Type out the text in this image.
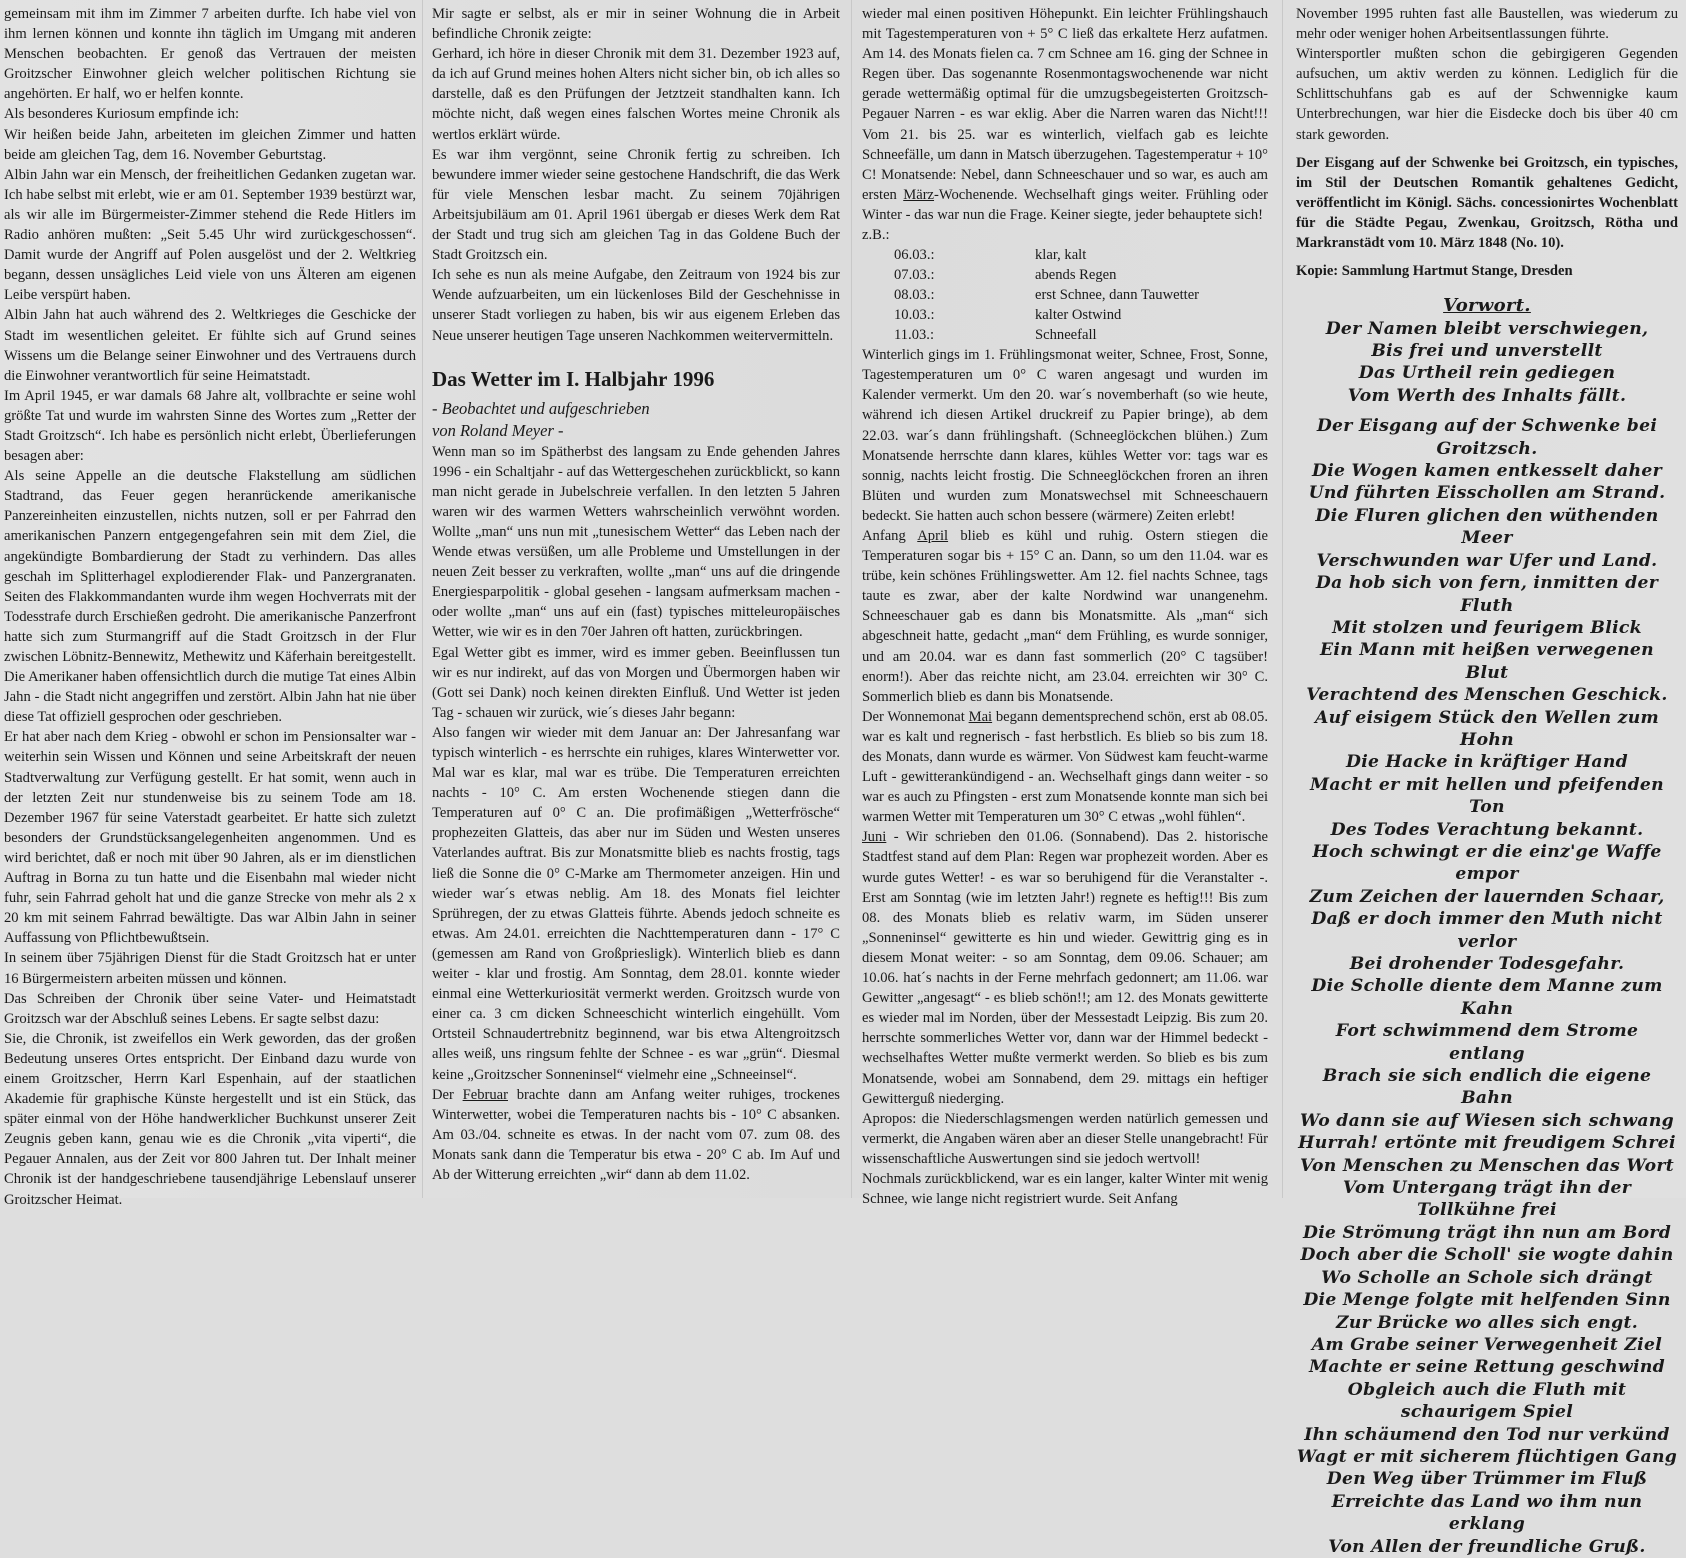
gemeinsam mit ihm im Zimmer 7 arbeiten durfte. Ich habe viel von ihm lernen können und konnte ihn täglich im Umgang mit anderen Menschen beobachten. Er genoß das Vertrauen der meisten Groitzscher Einwohner gleich welcher politischen Richtung sie angehörten. Er half, wo er helfen konnte.

Als besonderes Kuriosum empfinde ich:

Wir heißen beide Jahn, arbeiteten im gleichen Zimmer und hatten beide am gleichen Tag, dem 16. November Geburtstag.

Albin Jahn war ein Mensch, der freiheitlichen Gedanken zugetan war. Ich habe selbst mit erlebt, wie er am 01. September 1939 bestürzt war, als wir alle im Bürgermeister-Zimmer stehend die Rede Hitlers im Radio anhören mußten: „Seit 5.45 Uhr wird zurückgeschossen“. Damit wurde der Angriff auf Polen ausgelöst und der 2. Weltkrieg begann, dessen unsägliches Leid viele von uns Älteren am eigenen Leibe verspürt haben.

Albin Jahn hat auch während des 2. Weltkrieges die Geschicke der Stadt im wesentlichen geleitet. Er fühlte sich auf Grund seines Wissens um die Belange seiner Einwohner und des Vertrauens durch die Einwohner verantwortlich für seine Heimatstadt.

Im April 1945, er war damals 68 Jahre alt, vollbrachte er seine wohl größte Tat und wurde im wahrsten Sinne des Wortes zum „Retter der Stadt Groitzsch“. Ich habe es persönlich nicht erlebt, Überlieferungen besagen aber:

Als seine Appelle an die deutsche Flakstellung am südlichen Stadtrand, das Feuer gegen heranrückende amerikanische Panzereinheiten einzustellen, nichts nutzen, soll er per Fahrrad den amerikanischen Panzern entgegengefahren sein mit dem Ziel, die angekündigte Bombardierung der Stadt zu verhindern. Das alles geschah im Splitterhagel explodierender Flak- und Panzergranaten. Seiten des Flakkommandanten wurde ihm wegen Hochverrats mit der Todesstrafe durch Erschießen gedroht. Die amerikanische Panzerfront hatte sich zum Sturmangriff auf die Stadt Groitzsch in der Flur zwischen Löbnitz-Bennewitz, Methewitz und Käferhain bereitgestellt. Die Amerikaner haben offensichtlich durch die mutige Tat eines Albin Jahn - die Stadt nicht angegriffen und zerstört. Albin Jahn hat nie über diese Tat offiziell gesprochen oder geschrieben.

Er hat aber nach dem Krieg - obwohl er schon im Pensionsalter war - weiterhin sein Wissen und Können und seine Arbeitskraft der neuen Stadtverwaltung zur Verfügung gestellt. Er hat somit, wenn auch in der letzten Zeit nur stundenweise bis zu seinem Tode am 18. Dezember 1967 für seine Vaterstadt gearbeitet. Er hatte sich zuletzt besonders der Grundstücksangelegenheiten angenommen. Und es wird berichtet, daß er noch mit über 90 Jahren, als er im dienstlichen Auftrag in Borna zu tun hatte und die Eisenbahn mal wieder nicht fuhr, sein Fahrrad geholt hat und die ganze Strecke von mehr als 2 x 20 km mit seinem Fahrrad bewältigte. Das war Albin Jahn in seiner Auffassung von Pflichtbewußtsein.

In seinem über 75jährigen Dienst für die Stadt Groitzsch hat er unter 16 Bürgermeistern arbeiten müssen und können.

Das Schreiben der Chronik über seine Vater- und Heimatstadt Groitzsch war der Abschluß seines Lebens. Er sagte selbst dazu:

Sie, die Chronik, ist zweifellos ein Werk geworden, das der großen Bedeutung unseres Ortes entspricht. Der Einband dazu wurde von einem Groitzscher, Herrn Karl Espenhain, auf der staatlichen Akademie für graphische Künste hergestellt und ist ein Stück, das später einmal von der Höhe handwerklicher Buchkunst unserer Zeit Zeugnis geben kann, genau wie es die Chronik „vita viperti“, die Pegauer Annalen, aus der Zeit vor 800 Jahren tut. Der Inhalt meiner Chronik ist der handgeschriebene tausendjährige Lebenslauf unserer Groitzscher Heimat.

Mir sagte er selbst, als er mir in seiner Wohnung die in Arbeit befindliche Chronik zeigte:

Gerhard, ich höre in dieser Chronik mit dem 31. Dezember 1923 auf, da ich auf Grund meines hohen Alters nicht sicher bin, ob ich alles so darstelle, daß es den Prüfungen der Jetztzeit standhalten kann. Ich möchte nicht, daß wegen eines falschen Wortes meine Chronik als wertlos erklärt würde.

Es war ihm vergönnt, seine Chronik fertig zu schreiben. Ich bewundere immer wieder seine gestochene Handschrift, die das Werk für viele Menschen lesbar macht. Zu seinem 70jährigen Arbeitsjubiläum am 01. April 1961 übergab er dieses Werk dem Rat der Stadt und trug sich am gleichen Tag in das Goldene Buch der Stadt Groitzsch ein.

Ich sehe es nun als meine Aufgabe, den Zeitraum von 1924 bis zur Wende aufzuarbeiten, um ein lückenloses Bild der Geschehnisse in unserer Stadt vorliegen zu haben, bis wir aus eigenem Erleben das Neue unserer heutigen Tage unseren Nachkommen weitervermitteln.

Das Wetter im I. Halbjahr 1996

- Beobachtet und aufgeschrieben
von Roland Meyer -

Wenn man so im Spätherbst des langsam zu Ende gehenden Jahres 1996 - ein Schaltjahr - auf das Wettergeschehen zurückblickt, so kann man nicht gerade in Jubelschreie verfallen. In den letzten 5 Jahren waren wir des warmen Wetters wahrscheinlich verwöhnt worden. Wollte „man“ uns nun mit „tunesischem Wetter“ das Leben nach der Wende etwas versüßen, um alle Probleme und Umstellungen in der neuen Zeit besser zu verkraften, wollte „man“ uns auf die dringende Energiesparpolitik - global gesehen - langsam aufmerksam machen - oder wollte „man“ uns auf ein (fast) typisches mitteleuropäisches Wetter, wie wir es in den 70er Jahren oft hatten, zurückbringen.

Egal Wetter gibt es immer, wird es immer geben. Beeinflussen tun wir es nur indirekt, auf das von Morgen und Übermorgen haben wir (Gott sei Dank) noch keinen direkten Einfluß. Und Wetter ist jeden Tag - schauen wir zurück, wie´s dieses Jahr begann:

Also fangen wir wieder mit dem Januar an: Der Jahresanfang war typisch winterlich - es herrschte ein ruhiges, klares Winterwetter vor. Mal war es klar, mal war es trübe. Die Temperaturen erreichten nachts - 10° C. Am ersten Wochenende stiegen dann die Temperaturen auf 0° C an. Die profimäßigen „Wetterfrösche“ prophezeiten Glatteis, das aber nur im Süden und Westen unseres Vaterlandes auftrat. Bis zur Monatsmitte blieb es nachts frostig, tags ließ die Sonne die 0° C-Marke am Thermometer anzeigen. Hin und wieder war´s etwas neblig. Am 18. des Monats fiel leichter Sprühregen, der zu etwas Glatteis führte. Abends jedoch schneite es etwas. Am 24.01. erreichten die Nachttemperaturen dann - 17° C (gemessen am Rand von Großpriesligk). Winterlich blieb es dann weiter - klar und frostig. Am Sonntag, dem 28.01. konnte wieder einmal eine Wetterkuriosität vermerkt werden. Groitzsch wurde von einer ca. 3 cm dicken Schneeschicht winterlich eingehüllt. Vom Ortsteil Schnaudertrebnitz beginnend, war bis etwa Altengroitzsch alles weiß, uns ringsum fehlte der Schnee - es war „grün“. Diesmal keine „Groitzscher Sonneninsel“ vielmehr eine „Schneeinsel“.

Der Februar brachte dann am Anfang weiter ruhiges, trockenes Winterwetter, wobei die Temperaturen nachts bis - 10° C absanken. Am 03./04. schneite es etwas. In der nacht vom 07. zum 08. des Monats sank dann die Temperatur bis etwa - 20° C ab. Im Auf und Ab der Witterung erreichten „wir“ dann ab dem 11.02.

wieder mal einen positiven Höhepunkt. Ein leichter Frühlingshauch mit Tagestemperaturen von + 5° C ließ das erkaltete Herz aufatmen. Am 14. des Monats fielen ca. 7 cm Schnee am 16. ging der Schnee in Regen über. Das sogenannte Rosenmontagswochenende war nicht gerade wettermäßig optimal für die umzugsbegeisterten Groitzsch-Pegauer Narren - es war eklig. Aber die Narren waren das Nicht!!! Vom 21. bis 25. war es winterlich, vielfach gab es leichte Schneefälle, um dann in Matsch überzugehen. Tagestemperatur + 10° C! Monatsende: Nebel, dann Schneeschauer und so war, es auch am ersten März-Wochenende. Wechselhaft gings weiter. Frühling oder Winter - das war nun die Frage. Keiner siegte, jeder behauptete sich!

z.B.:

06.03.:	klar, kalt
07.03.:	abends Regen
08.03.:	erst Schnee, dann Tauwetter
10.03.:	kalter Ostwind
11.03.:	Schneefall

Winterlich gings im 1. Frühlingsmonat weiter, Schnee, Frost, Sonne, Tagestemperaturen um 0° C waren angesagt und wurden im Kalender vermerkt. Um den 20. war´s novemberhaft (so wie heute, während ich diesen Artikel druckreif zu Papier bringe), ab dem 22.03. war´s dann frühlingshaft. (Schneeglöckchen blühen.) Zum Monatsende herrschte dann klares, kühles Wetter vor: tags war es sonnig, nachts leicht frostig. Die Schneeglöckchen froren an ihren Blüten und wurden zum Monatswechsel mit Schneeschauern bedeckt. Sie hatten auch schon bessere (wärmere) Zeiten erlebt!

Anfang April blieb es kühl und ruhig. Ostern stiegen die Temperaturen sogar bis + 15° C an. Dann, so um den 11.04. war es trübe, kein schönes Frühlingswetter. Am 12. fiel nachts Schnee, tags taute es zwar, aber der kalte Nordwind war unangenehm. Schneeschauer gab es dann bis Monatsmitte. Als „man“ sich abgeschneit hatte, gedacht „man“ dem Frühling, es wurde sonniger, und am 20.04. war es dann fast sommerlich (20° C tagsüber! enorm!). Aber das reichte nicht, am 23.04. erreichten wir 30° C. Sommerlich blieb es dann bis Monatsende.

Der Wonnemonat Mai begann dementsprechend schön, erst ab 08.05. war es kalt und regnerisch - fast herbstlich. Es blieb so bis zum 18. des Monats, dann wurde es wärmer. Von Südwest kam feucht-warme Luft - gewitterankündigend - an. Wechselhaft gings dann weiter - so war es auch zu Pfingsten - erst zum Monatsende konnte man sich bei warmen Wetter mit Temperaturen um 30° C etwas „wohl fühlen“.

Juni - Wir schrieben den 01.06. (Sonnabend). Das 2. historische Stadtfest stand auf dem Plan: Regen war prophezeit worden. Aber es wurde gutes Wetter! - es war so beruhigend für die Veranstalter -. Erst am Sonntag (wie im letzten Jahr!) regnete es heftig!!! Bis zum 08. des Monats blieb es relativ warm, im Süden unserer „Sonneninsel“ gewitterte es hin und wieder. Gewittrig ging es in diesem Monat weiter: - so am Sonntag, dem 09.06. Schauer; am 10.06. hat´s nachts in der Ferne mehrfach gedonnert; am 11.06. war Gewitter „angesagt“ - es blieb schön!!; am 12. des Monats gewitterte es wieder mal im Norden, über der Messestadt Leipzig. Bis zum 20. herrschte sommerliches Wetter vor, dann war der Himmel bedeckt - wechselhaftes Wetter mußte vermerkt werden. So blieb es bis zum Monatsende, wobei am Sonnabend, dem 29. mittags ein heftiger Gewitterguß niederging.

Apropos: die Niederschlagsmengen werden natürlich gemessen und vermerkt, die Angaben wären aber an dieser Stelle unangebracht! Für wissenschaftliche Auswertungen sind sie jedoch wertvoll!

Nochmals zurückblickend, war es ein langer, kalter Winter mit wenig Schnee, wie lange nicht registriert wurde. Seit Anfang

November 1995 ruhten fast alle Baustellen, was wiederum zu mehr oder weniger hohen Arbeitsentlassungen führte.

Wintersportler mußten schon die gebirgigeren Gegenden aufsuchen, um aktiv werden zu können. Lediglich für die Schlittschuhfans gab es auf der Schwennigke kaum Unterbrechungen, war hier die Eisdecke doch bis über 40 cm stark geworden.

Der Eisgang auf der Schwenke bei Groitzsch, ein typisches, im Stil der Deutschen Romantik gehaltenes Gedicht, veröffentlicht im Königl. Sächs. concessionirtes Wochenblatt für die Städte Pegau, Zwenkau, Groitzsch, Rötha und Markranstädt vom 10. März 1848 (No. 10).

Kopie: Sammlung Hartmut Stange, Dresden

Vorwort.
Der Namen bleibt verschwiegen,
Bis frei und unverstellt
Das Urtheil rein gediegen
Vom Werth des Inhalts fällt.
Der Eisgang auf der Schwenke bei Groitzsch.
Die Wogen kamen entkesselt daher
Und führten Eisschollen am Strand.
Die Fluren glichen den wüthenden Meer
Verschwunden war Ufer und Land.
Da hob sich von fern, inmitten der Fluth
Mit stolzen und feurigem Blick
Ein Mann mit heißen verwegenen Blut
Verachtend des Menschen Geschick.
Auf eisigem Stück den Wellen zum Hohn
Die Hacke in kräftiger Hand
Macht er mit hellen und pfeifenden Ton
Des Todes Verachtung bekannt.
Hoch schwingt er die einz'ge Waffe empor
Zum Zeichen der lauernden Schaar,
Daß er doch immer den Muth nicht verlor
Bei drohender Todesgefahr.
Die Scholle diente dem Manne zum Kahn
Fort schwimmend dem Strome entlang
Brach sie sich endlich die eigene Bahn
Wo dann sie auf Wiesen sich schwang
Hurrah! ertönte mit freudigem Schrei
Von Menschen zu Menschen das Wort
Vom Untergang trägt ihn der Tollkühne frei
Die Strömung trägt ihn nun am Bord
Doch aber die Scholl' sie wogte dahin
Wo Scholle an Schole sich drängt
Die Menge folgte mit helfenden Sinn
Zur Brücke wo alles sich engt.
Am Grabe seiner Verwegenheit Ziel
Machte er seine Rettung geschwind
Obgleich auch die Fluth mit schaurigem Spiel
Ihn schäumend den Tod nur verkünd
Wagt er mit sicherem flüchtigen Gang
Den Weg über Trümmer im Fluß
Erreichte das Land wo ihm nun erklang
Von Allen der freundliche Gruß.
